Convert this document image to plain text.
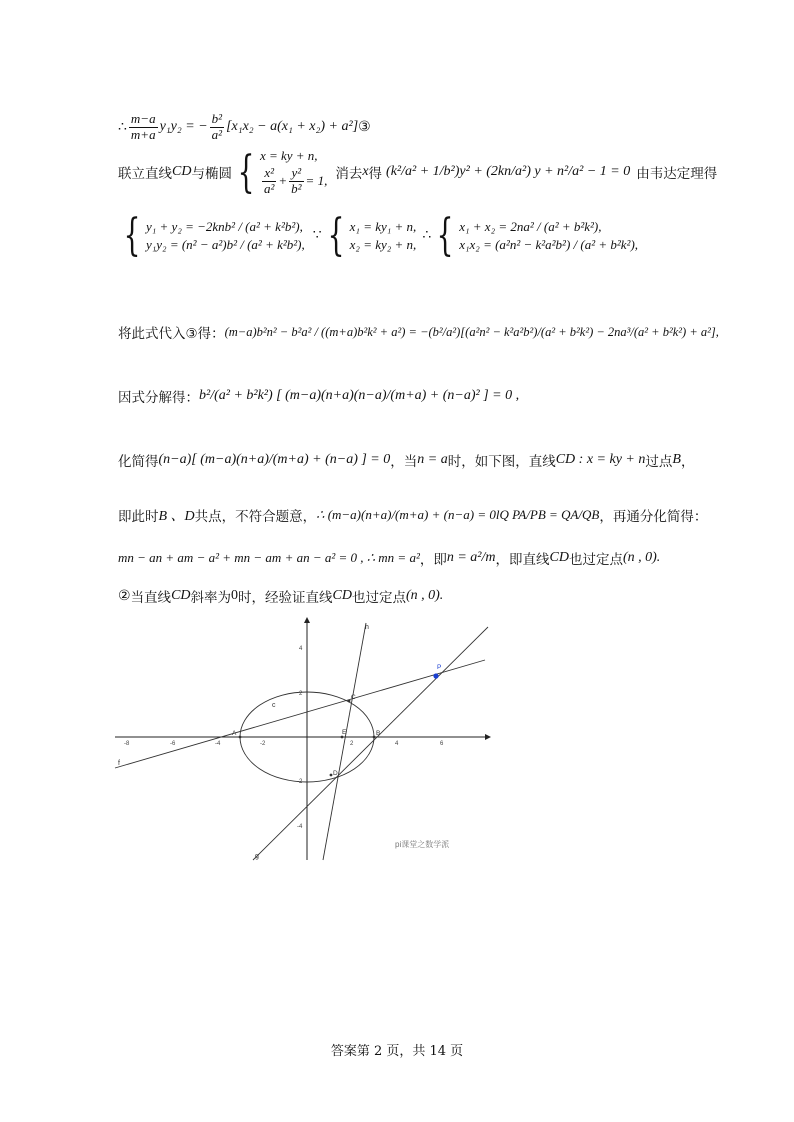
∴ $\frac{m-a}{m+a} y_1y_2$ = − $\frac{\text{b²}}{\text{a²}} [x_1x_2 - a(x_1 + x_2) + a^2]$ ③
联立直线 CD 与椭圆 { x = ky + n,
$\frac{\text{x²}}{\text{a²}} + \frac{\text{y²}}{\text{b²}} = 1$, 消去 x 得 (k²/a² + 1/b²) y² + (2kn/a²) y + n²/a² − 1 = 0 由韦达定理得
{ y₁ + y₂ = −2knb² / (a² + k²b²),
y₁y₂ = (n² − a²)b² / (a² + k²b²),
∵ { x₁ = ky₁ + n,
x₂ = ky₂ + n,
∴ { x₁ + x₂ = 2na² / (a² + b²k²),
x₁x₂ = (a²n² − k²a²b²) / (a² + b²k²),
将此式代入③得： (m−a)b²n² − b²a² / ((m+a)b²k² + a²) = −(b²/a²)[(a²n² − k²a²b²)/(a² + b²k²) − 2na³/(a² + b²k²) + a²],
因式分解得： b²/(a² + b²k²) [ (m−a)(n+a)(n−a)/(m+a) + (n−a)² ] = 0 ,
化简得 (n−a)[ (m−a)(n+a)/(m+a) + (n−a) ] = 0 ，当 n = a 时，如下图，直线 CD : x = ky + n 过点 B ，
即此时 B 、D 共点，不符合题意， ∴ (m−a)(n+a)/(m+a) + (n−a) = 0lQ PA/PB = QA/QB ，再通分化简得：
mn − an + am − a² + mn − am + an − a² = 0 , ∴ mn = a² ，即 n = a²/m ，即直线 CD 也过定点 (n , 0) .
② 当直线 CD 斜率为 0 时，经验证直线 CD 也过定点 (n , 0) .
-8	-6	-4	-2	2	4	6
4
2
-2
-4
c
f
g
h
A	B
C
D
E
P
pi课堂之数学派
答案第 2 页，共 14 页
